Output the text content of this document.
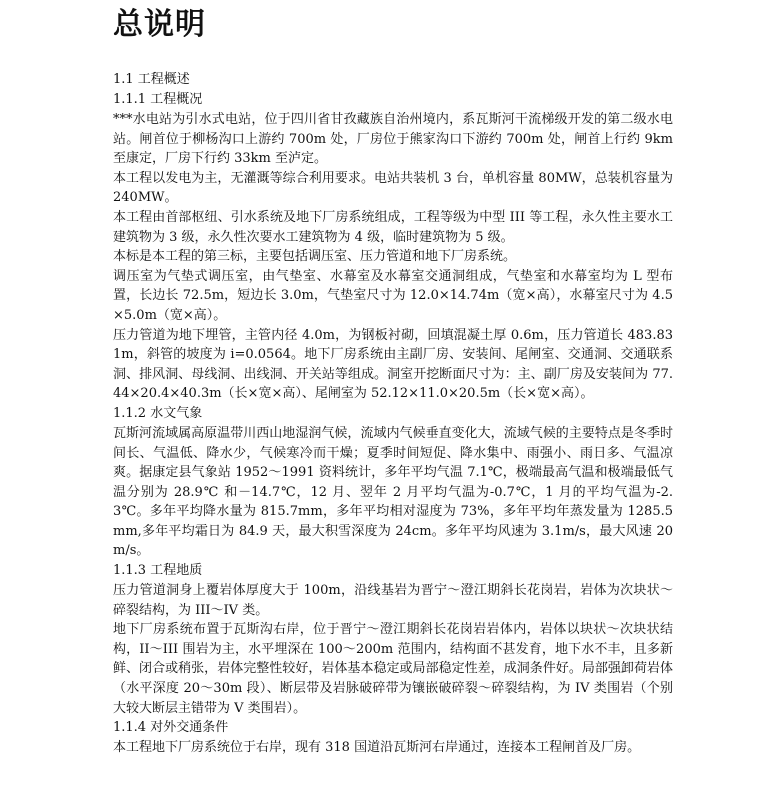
总说明
1.1 工程概述
1.1.1 工程概况

***水电站为引水式电站，位于四川省甘孜藏族自治州境内，系瓦斯河干流梯级开发的第二级水电站。闸首位于柳杨沟口上游约 700m 处，厂房位于熊家沟口下游约 700m 处，闸首上行约 9km 至康定，厂房下行约 33km 至泸定。

本工程以发电为主，无灌溉等综合利用要求。电站共装机 3 台，单机容量 80MW，总装机容量为 240MW。

本工程由首部枢纽、引水系统及地下厂房系统组成，工程等级为中型 III 等工程，永久性主要水工建筑物为 3 级，永久性次要水工建筑物为 4 级，临时建筑物为 5 级。

本标是本工程的第三标，主要包括调压室、压力管道和地下厂房系统。

调压室为气垫式调压室，由气垫室、水幕室及水幕室交通洞组成，气垫室和水幕室均为 L 型布置，长边长 72.5m，短边长 3.0m，气垫室尺寸为 12.0×14.74m（宽×高），水幕室尺寸为 4.5×5.0m（宽×高）。

压力管道为地下埋管，主管内径 4.0m，为钢板衬砌，回填混凝土厚 0.6m，压力管道长 483.831m，斜管的坡度为 i=0.0564。地下厂房系统由主副厂房、安装间、尾闸室、交通洞、交通联系洞、排风洞、母线洞、出线洞、开关站等组成。洞室开挖断面尺寸为：主、副厂房及安装间为 77.44×20.4×40.3m（长×宽×高）、尾闸室为 52.12×11.0×20.5m（长×宽×高）。

1.1.2 水文气象

瓦斯河流域属高原温带川西山地湿润气候，流域内气候垂直变化大，流域气候的主要特点是冬季时间长、气温低、降水少，气候寒冷而干燥；夏季时间短促、降水集中、雨强小、雨日多、气温凉爽。据康定县气象站 1952～1991 资料统计，多年平均气温 7.1℃，极端最高气温和极端最低气温分别为 28.9℃ 和－14.7℃，12 月、翌年 2 月平均气温为-0.7℃，1 月的平均气温为-2.3℃。多年平均降水量为 815.7mm，多年平均相对湿度为 73%，多年平均年蒸发量为 1285.5mm,多年平均霜日为 84.9 天，最大积雪深度为 24cm。多年平均风速为 3.1m/s，最大风速 20m/s。

1.1.3 工程地质

压力管道洞身上覆岩体厚度大于 100m，沿线基岩为晋宁～澄江期斜长花岗岩，岩体为次块状～碎裂结构，为 III～IV 类。

地下厂房系统布置于瓦斯沟右岸，位于晋宁～澄江期斜长花岗岩岩体内，岩体以块状～次块状结构，II～III 围岩为主，水平埋深在 100～200m 范围内，结构面不甚发育，地下水不丰，且多新鲜、闭合或稍张，岩体完整性较好，岩体基本稳定或局部稳定性差，成洞条件好。局部强卸荷岩体（水平深度 20～30m 段）、断层带及岩脉破碎带为镶嵌破碎裂～碎裂结构，为 IV 类围岩（个别大较大断层主错带为 V 类围岩）。

1.1.4 对外交通条件

本工程地下厂房系统位于右岸，现有 318 国道沿瓦斯河右岸通过，连接本工程闸首及厂房。
